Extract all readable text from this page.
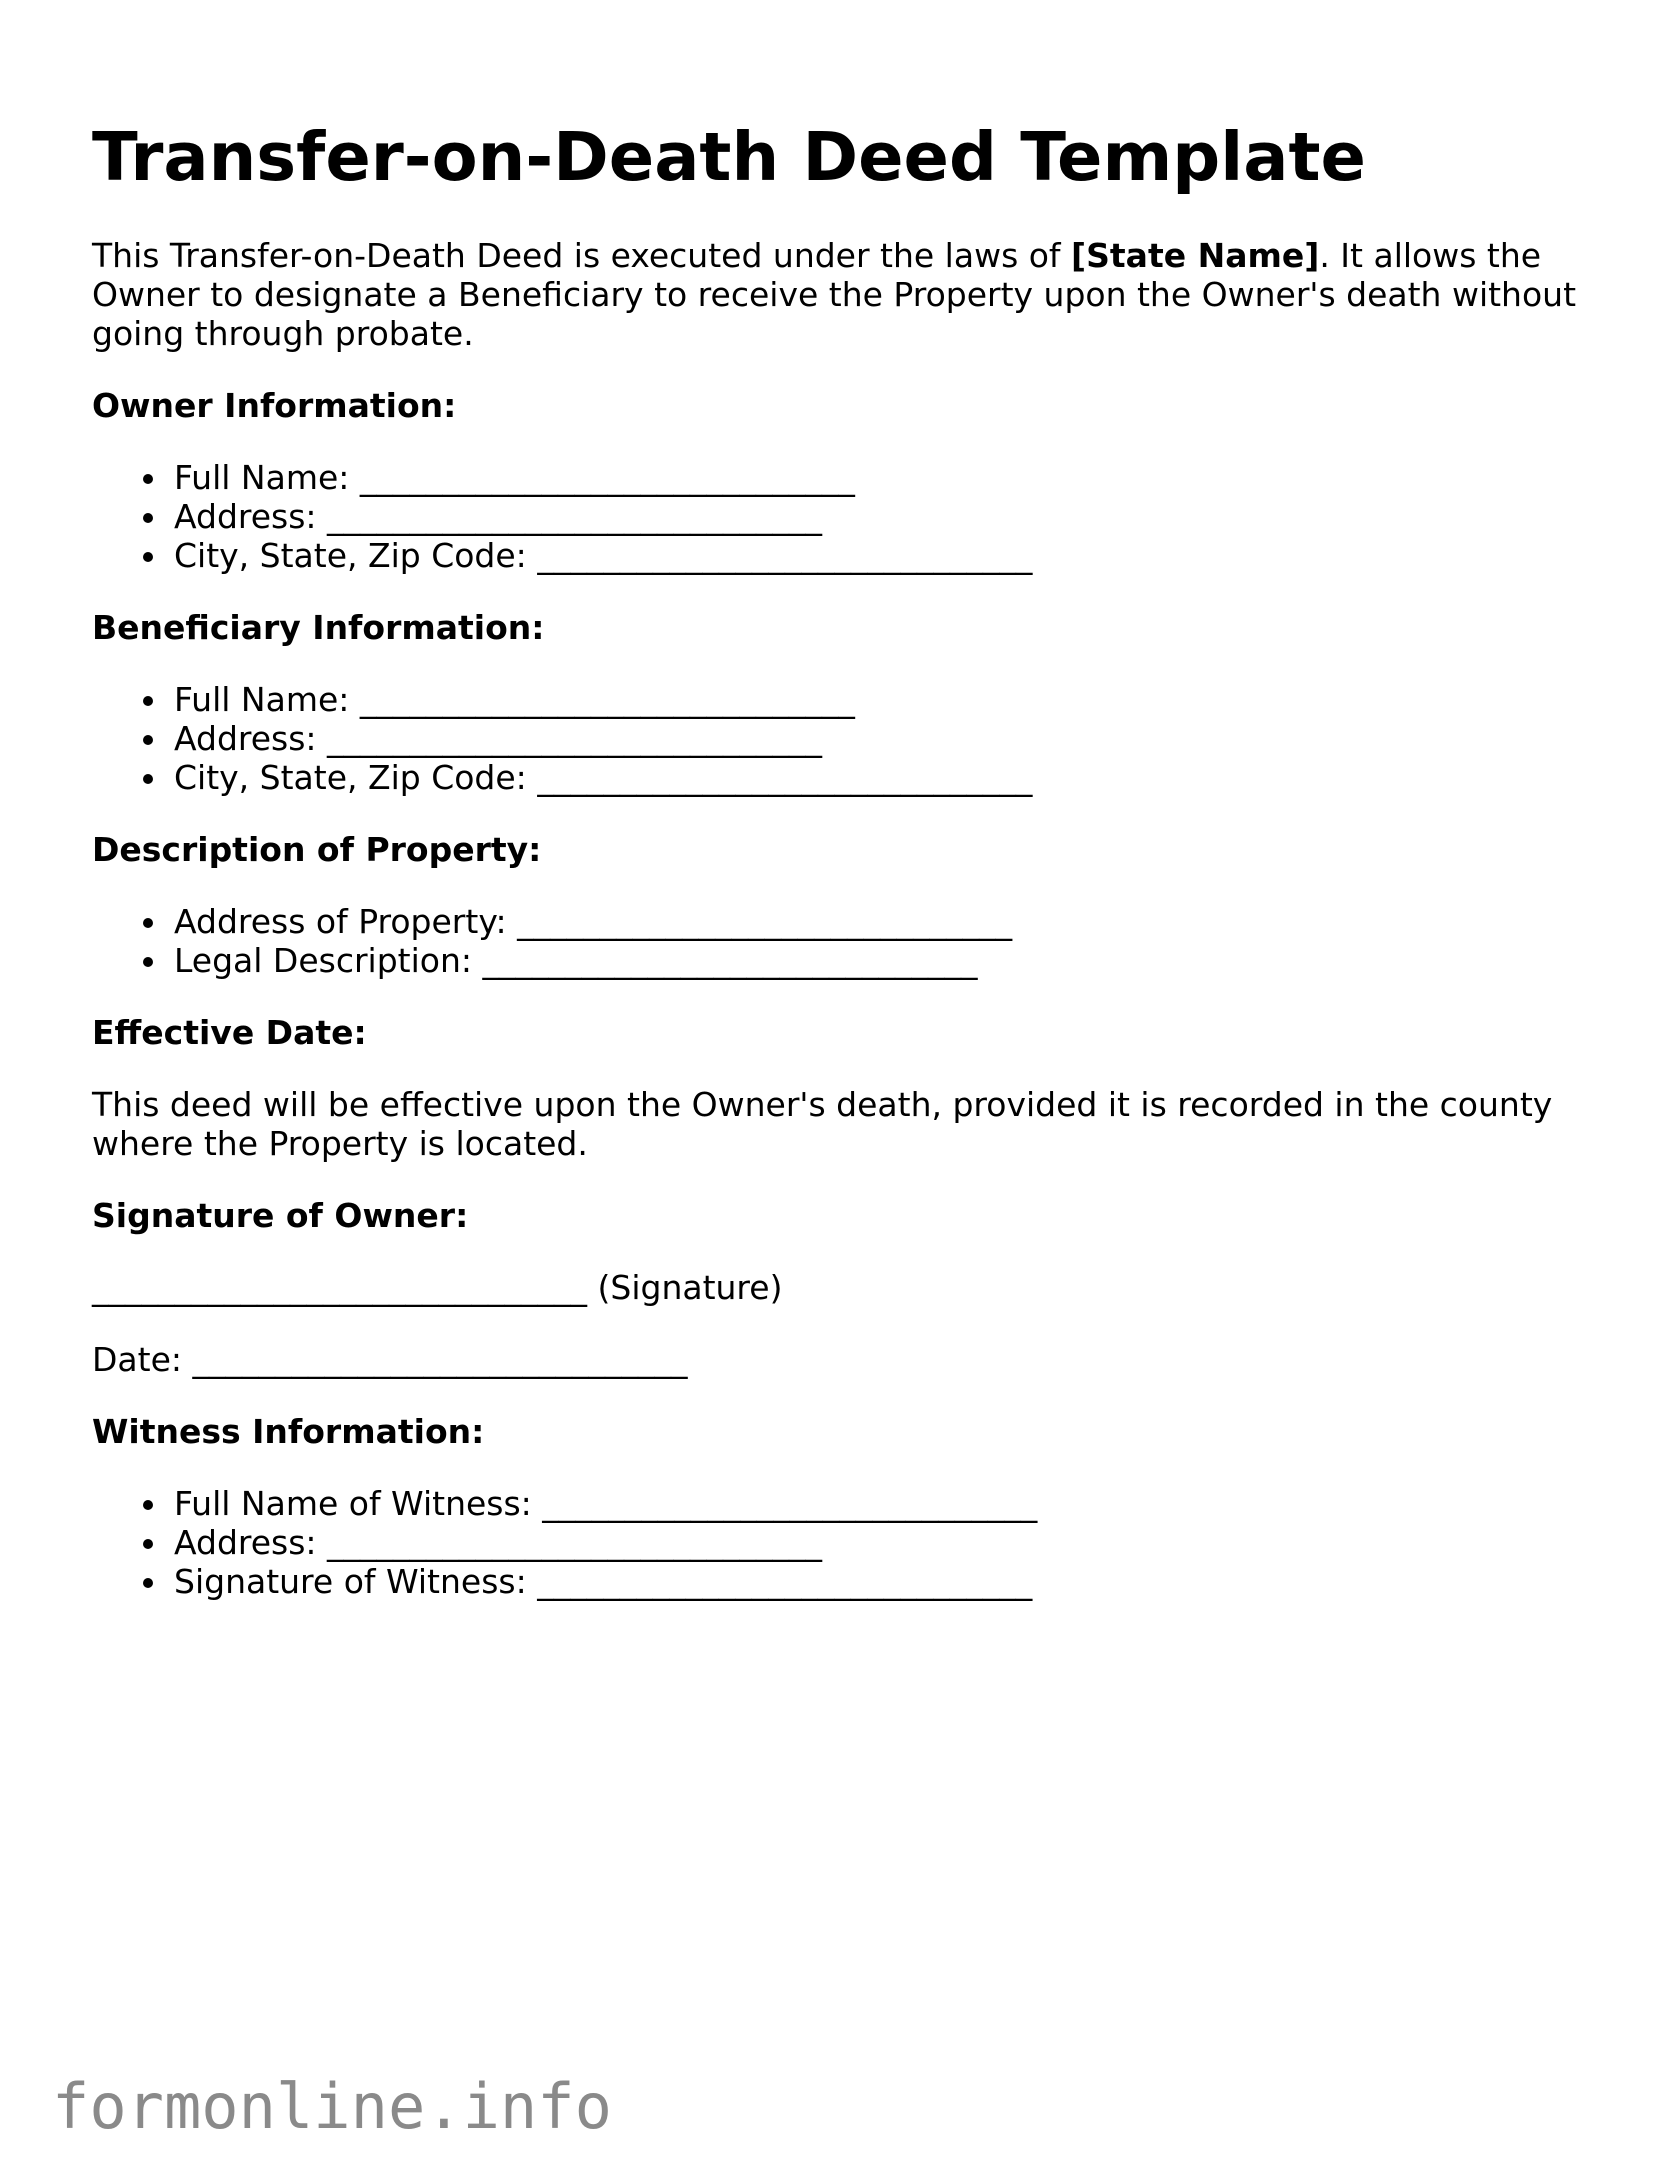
Transfer-on-Death Deed Template

This Transfer-on-Death Deed is executed under the laws of [State Name]. It allows the Owner to designate a Beneficiary to receive the Property upon the Owner's death without going through probate.

Owner Information:
Full Name: ______________________________
Address: ______________________________
City, State, Zip Code: ______________________________
Beneficiary Information:
Full Name: ______________________________
Address: ______________________________
City, State, Zip Code: ______________________________
Description of Property:
Address of Property: ______________________________
Legal Description: ______________________________
Effective Date:

This deed will be effective upon the Owner's death, provided it is recorded in the county where the Property is located.

Signature of Owner:

______________________________ (Signature)

Date: ______________________________

Witness Information:
Full Name of Witness: ______________________________
Address: ______________________________
Signature of Witness: ______________________________
formonline.info
